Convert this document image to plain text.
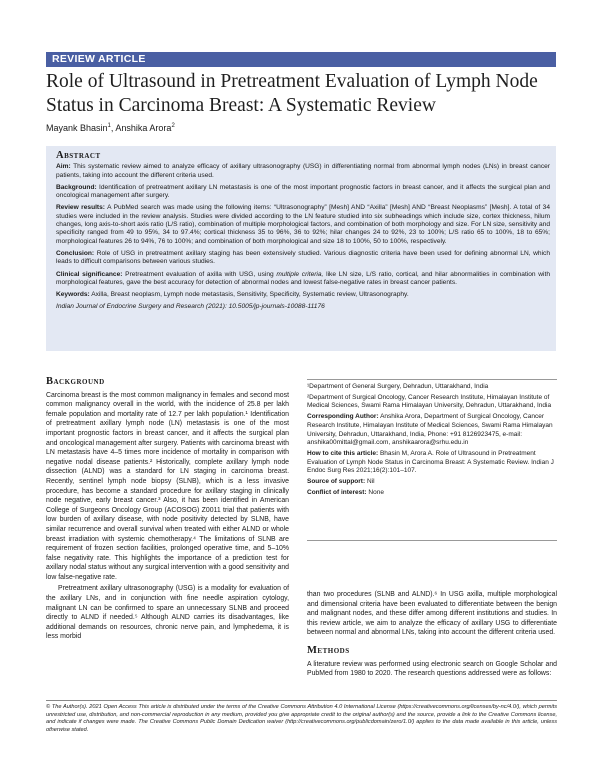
REVIEW ARTICLE
Role of Ultrasound in Pretreatment Evaluation of Lymph Node Status in Carcinoma Breast: A Systematic Review
Mayank Bhasin$^1$, Anshika Arora$^2$
Abstract

Aim: This systematic review aimed to analyze efficacy of axillary ultrasonography (USG) in differentiating normal from abnormal lymph nodes (LNs) in breast cancer patients, taking into account the different criteria used.

Background: Identification of pretreatment axillary LN metastasis is one of the most important prognostic factors in breast cancer, and it affects the surgical plan and oncological management after surgery.

Review results: A PubMed search was made using the following items: “Ultrasonography” [Mesh] AND “Axilla” [Mesh] AND “Breast Neoplasms” [Mesh]. A total of 34 studies were included in the review analysis. Studies were divided according to the LN feature studied into six subheadings which include size, cortex thickness, hilum changes, long axis-to-short axis ratio (L/S ratio), combination of multiple morphological factors, and combination of both morphology and size. For LN size, sensitivity and specificity ranged from 49 to 95%, 34 to 97.4%; cortical thickness 35 to 96%, 36 to 92%; hilar changes 24 to 92%, 23 to 100%; L/S ratio 65 to 100%, 18 to 65%; morphological features 26 to 94%, 76 to 100%; and combination of both morphological and size 18 to 100%, 50 to 100%, respectively.

Conclusion: Role of USG in pretreatment axillary staging has been extensively studied. Various diagnostic criteria have been used for defining abnormal LN, which leads to difficult comparisons between various studies.

Clinical significance: Pretreatment evaluation of axilla with USG, using multiple criteria, like LN size, L/S ratio, cortical, and hilar abnormalities in combination with morphological features, gave the best accuracy for detection of abnormal nodes and lowest false-negative rates in breast cancer patients.

Keywords: Axilla, Breast neoplasm, Lymph node metastasis, Sensitivity, Specificity, Systematic review, Ultrasonography.

Indian Journal of Endocrine Surgery and Research (2021): 10.5005/jp-journals-10088-11176

Background

Carcinoma breast is the most common malignancy in females and second most common malignancy overall in the world, with the incidence of 25.8 per lakh female population and mortality rate of 12.7 per lakh population.¹ Identification of pretreatment axillary lymph node (LN) metastasis is one of the most important prognostic factors in breast cancer, and it affects the surgical plan and oncological management after surgery. Patients with carcinoma breast with LN metastasis have 4–5 times more incidence of mortality in comparison with negative nodal disease patients.² Historically, complete axillary lymph node dissection (ALND) was a standard for LN staging in carcinoma breast. Recently, sentinel lymph node biopsy (SLNB), which is a less invasive procedure, has become a standard procedure for axillary staging in clinically node negative, early breast cancer.³ Also, it has been identified in American College of Surgeons Oncology Group (ACOSOG) Z0011 trial that patients with low burden of axillary disease, with node positivity detected by SLNB, have similar recurrence and overall survival when treated with either ALND or whole breast irradiation with systemic chemotherapy.⁴ The limitations of SLNB are requirement of frozen section facilities, prolonged operative time, and 5–10% false negativity rate. This highlights the importance of a prediction test for axillary nodal status without any surgical intervention with a good sensitivity and low false-negative rate.

Pretreatment axillary ultrasonography (USG) is a modality for evaluation of the axillary LNs, and in conjunction with fine needle aspiration cytology, malignant LN can be confirmed to spare an unnecessary SLNB and proceed directly to ALND if needed.⁵ Although ALND carries its disadvantages, like additional demands on resources, chronic nerve pain, and lymphedema, it is less morbid

¹Department of General Surgery, Dehradun, Uttarakhand, India

²Department of Surgical Oncology, Cancer Research Institute, Himalayan Institute of Medical Sciences, Swami Rama Himalayan University, Dehradun, Uttarakhand, India

Corresponding Author: Anshika Arora, Department of Surgical Oncology, Cancer Research Institute, Himalayan Institute of Medical Sciences, Swami Rama Himalayan University, Dehradun, Uttarakhand, India, Phone: +91 8126923475, e-mail: anshika00mittal@gmail.com, anshikaarora@srhu.edu.in

How to cite this article: Bhasin M, Arora A. Role of Ultrasound in Pretreatment Evaluation of Lymph Node Status in Carcinoma Breast: A Systematic Review. Indian J Endoc Surg Res 2021;16(2):101–107.

Source of support: Nil

Conflict of interest: None

than two procedures (SLNB and ALND).⁶ In USG axilla, multiple morphological and dimensional criteria have been evaluated to differentiate between the benign and malignant nodes, and these differ among different institutions and studies. In this review article, we aim to analyze the efficacy of axillary USG to differentiate between normal and abnormal LNs, taking into account the different criteria used.

Methods

A literature review was performed using electronic search on Google Scholar and PubMed from 1980 to 2020. The research questions addressed were as follows:

© The Author(s). 2021 Open Access This article is distributed under the terms of the Creative Commons Attribution 4.0 International License (https://creativecommons.org/licenses/by-nc/4.0/), which permits unrestricted use, distribution, and non-commercial reproduction in any medium, provided you give appropriate credit to the original author(s) and the source, provide a link to the Creative Commons license, and indicate if changes were made. The Creative Commons Public Domain Dedication waiver (http://creativecommons.org/publicdomain/zero/1.0/) applies to the data made available in this article, unless otherwise stated.
